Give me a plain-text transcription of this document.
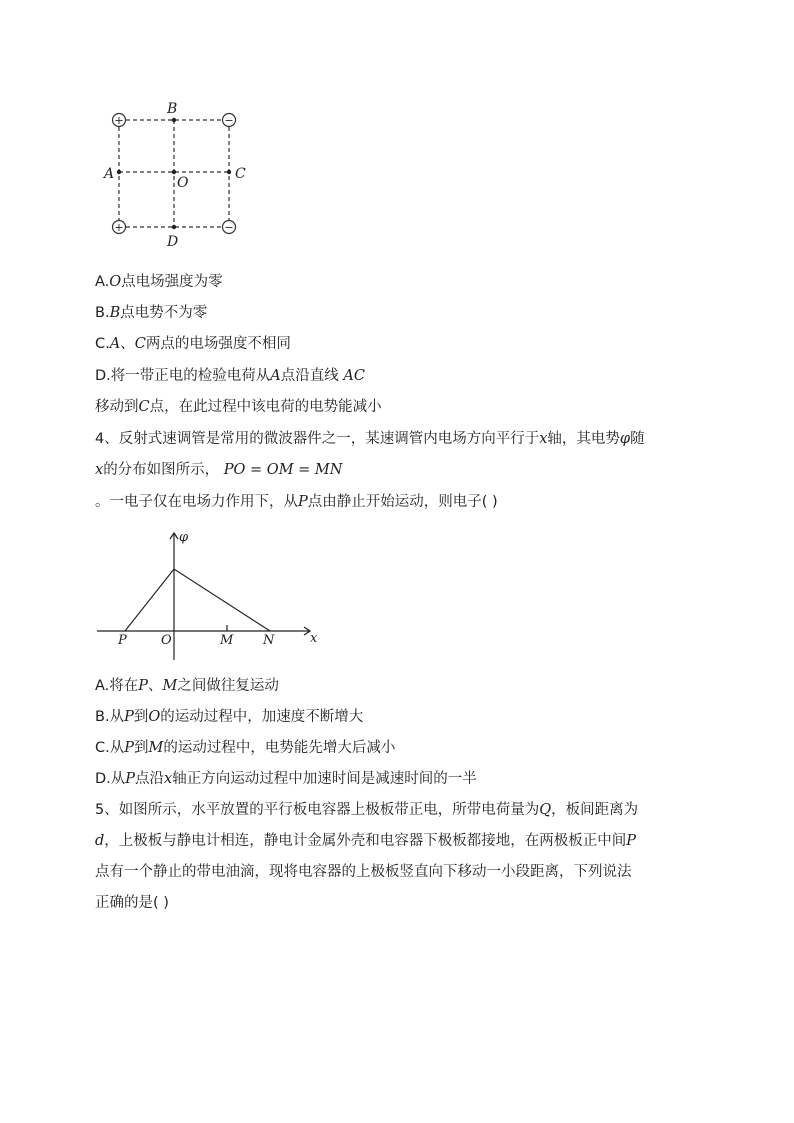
+
+
−
−
B
D
A	C
O
A.O点电场强度为零
B.B点电势不为零
C.A、C两点的电场强度不相同
D.将一带正电的检验电荷从A点沿直线 AC
移动到C点，在此过程中该电荷的电势能减小
4、反射式速调管是常用的微波器件之一，某速调管内电场方向平行于x轴，其电势φ随
x的分布如图所示， PO = OM = MN
。一电子仅在电场力作用下，从P点由静止开始运动，则电子( )
φ
x
P	O	M N
A.将在P、M之间做往复运动
B.从P到O的运动过程中，加速度不断增大
C.从P到M的运动过程中，电势能先增大后减小
D.从P点沿x轴正方向运动过程中加速时间是减速时间的一半
5、如图所示，水平放置的平行板电容器上极板带正电，所带电荷量为Q，板间距离为
d，上极板与静电计相连，静电计金属外壳和电容器下极板都接地，在两极板正中间P
点有一个静止的带电油滴，现将电容器的上极板竖直向下移动一小段距离，下列说法
正确的是( )
